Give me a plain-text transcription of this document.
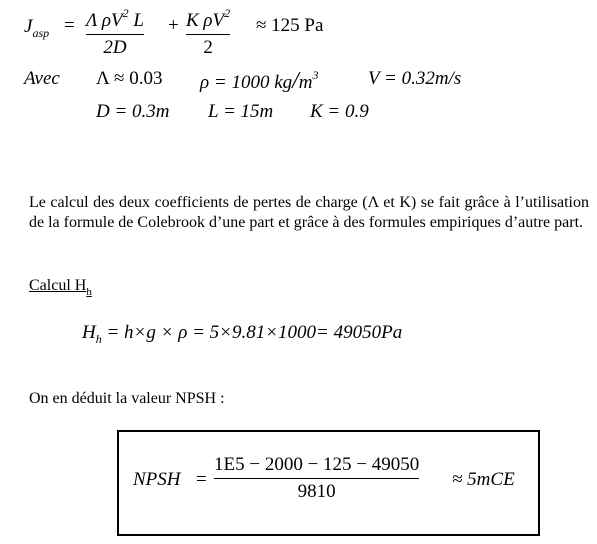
$J_{asp} = \Lambda$ $\rho V^2$ L
2D
+ K $\rho V^2$
2
≈ 125 Pa
Avec Λ ≈ 0.03 ρ = 1000 $kg/m^3$	V = 0.32m/s
D = 0.3m L = 15m K = 0.9
Le calcul des deux coefficients de pertes de charge (Λ et K) se fait grâce à l’utilisation de la formule de Colebrook d’une part et grâce à des formules empiriques d’autre part.
Calcul $H_h$
$H_h = h\times g \times \rho = 5\times 9.81\times 1000= 49050Pa$
On en déduit la valeur NPSH :
NPSH =
1E5 − 2000 − 125 − 49050
9810
≈ 5mCE
